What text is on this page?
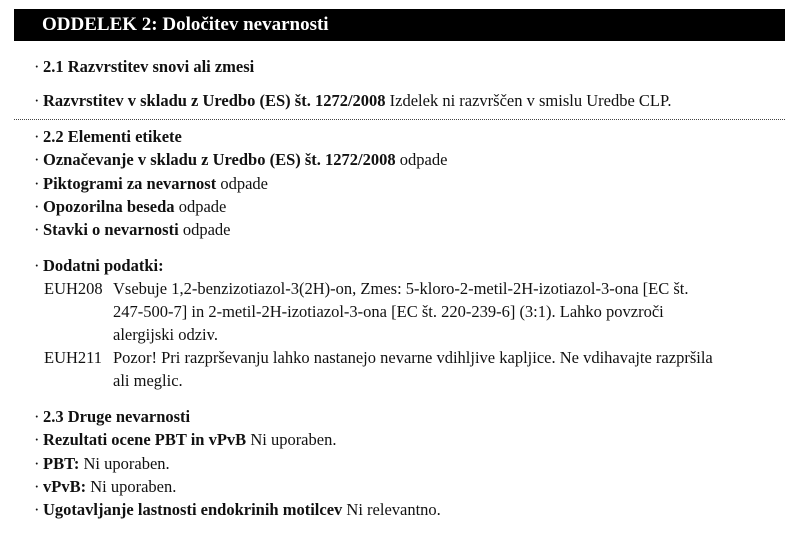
ODDELEK 2: Določitev nevarnosti
· 2.1 Razvrstitev snovi ali zmesi
· Razvrstitev v skladu z Uredbo (ES) št. 1272/2008 Izdelek ni razvrščen v smislu Uredbe CLP.
· 2.2 Elementi etikete
· Označevanje v skladu z Uredbo (ES) št. 1272/2008 odpade
· Piktogrami za nevarnost odpade
· Opozorilna beseda odpade
· Stavki o nevarnosti odpade
· Dodatni podatki:
EUH208 Vsebuje 1,2-benzizotiazol-3(2H)-on, Zmes: 5-kloro-2-metil-2H-izotiazol-3-ona [EC št.
247-500-7] in 2-metil-2H-izotiazol-3-ona [EC št. 220-239-6] (3:1). Lahko povzroči
alergijski odziv.
EUH211 Pozor! Pri razprševanju lahko nastanejo nevarne vdihljive kapljice. Ne vdihavajte razpršila
ali meglic.
· 2.3 Druge nevarnosti
· Rezultati ocene PBT in vPvB Ni uporaben.
· PBT: Ni uporaben.
· vPvB: Ni uporaben.
· Ugotavljanje lastnosti endokrinih motilcev Ni relevantno.
